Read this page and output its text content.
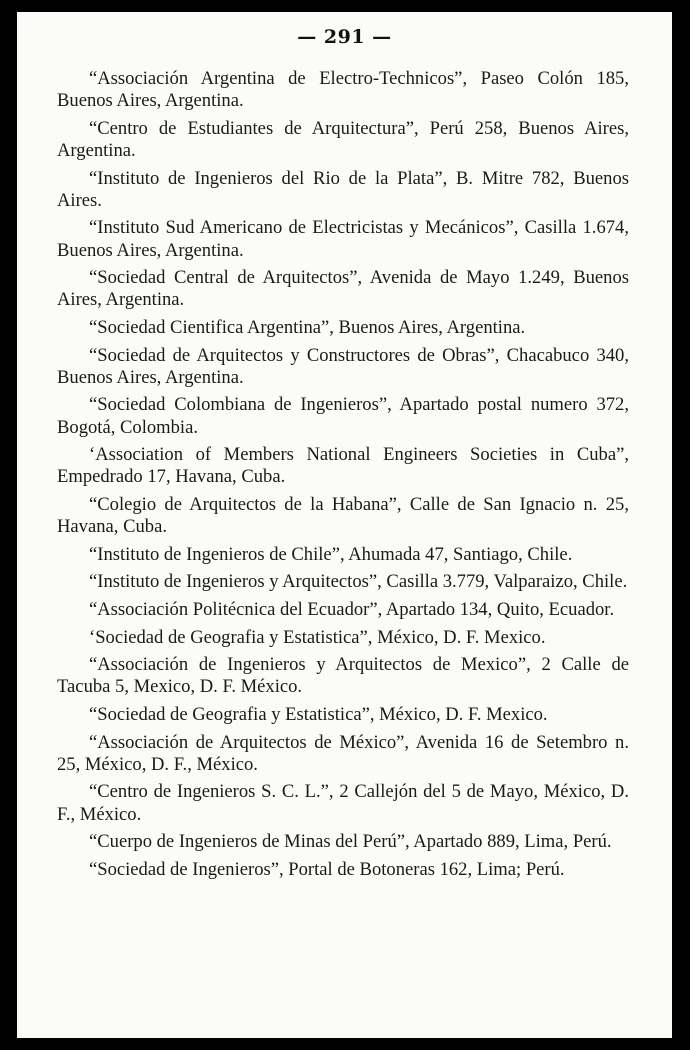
— 291 —

“Associación Argentina de Electro-Technicos”, Paseo Colón 185, Buenos Aires, Argentina.

“Centro de Estudiantes de Arquitectura”, Perú 258, Buenos Aires, Argentina.

“Instituto de Ingenieros del Rio de la Plata”, B. Mitre 782, Buenos Aires.

“Instituto Sud Americano de Electricistas y Mecánicos”, Casilla 1.674, Buenos Aires, Argentina.

“Sociedad Central de Arquitectos”, Avenida de Mayo 1.249, Buenos Aires, Argentina.

“Sociedad Cientifica Argentina”, Buenos Aires, Argentina.

“Sociedad de Arquitectos y Constructores de Obras”, Chacabuco 340, Buenos Aires, Argentina.

“Sociedad Colombiana de Ingenieros”, Apartado postal numero 372, Bogotá, Colombia.

‘Association of Members National Engineers Societies in Cuba”, Empedrado 17, Havana, Cuba.

“Colegio de Arquitectos de la Habana”, Calle de San Ignacio n. 25, Havana, Cuba.

“Instituto de Ingenieros de Chile”, Ahumada 47, Santiago, Chile.

“Instituto de Ingenieros y Arquitectos”, Casilla 3.779, Valparaizo, Chile.

“Associación Politécnica del Ecuador”, Apartado 134, Quito, Ecuador.

‘Sociedad de Geografia y Estatistica”, México, D. F. Mexico.

“Associación de Ingenieros y Arquitectos de Mexico”, 2 Calle de Tacuba 5, Mexico, D. F. México.

“Sociedad de Geografia y Estatistica”, México, D. F. Mexico.

“Associación de Arquitectos de México”, Avenida 16 de Setembro n. 25, México, D. F., México.

“Centro de Ingenieros S. C. L.”, 2 Callejón del 5 de Mayo, México, D. F., México.

“Cuerpo de Ingenieros de Minas del Perú”, Apartado 889, Lima, Perú.

“Sociedad de Ingenieros”, Portal de Botoneras 162, Lima; Perú.
